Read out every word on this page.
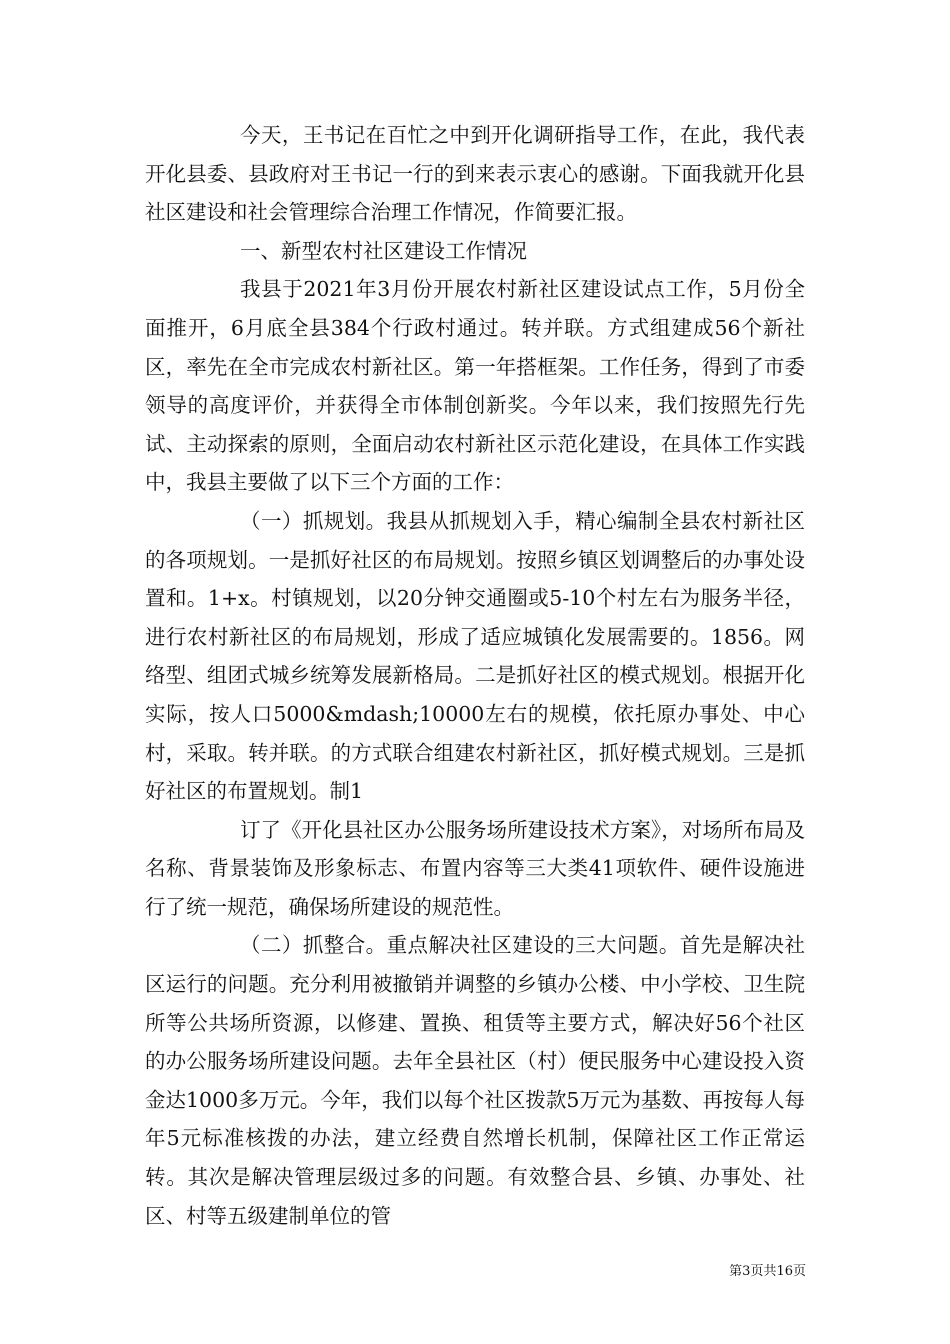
今天，王书记在百忙之中到开化调研指导工作，在此，我代表开化县委、县政府对王书记一行的到来表示衷心的感谢。下面我就开化县社区建设和社会管理综合治理工作情况，作简要汇报。

一、新型农村社区建设工作情况

我县于2021年3月份开展农村新社区建设试点工作，5月份全面推开，6月底全县384个行政村通过。转并联。方式组建成56个新社区，率先在全市完成农村新社区。第一年搭框架。工作任务，得到了市委领导的高度评价，并获得全市体制创新奖。今年以来，我们按照先行先试、主动探索的原则，全面启动农村新社区示范化建设，在具体工作实践中，我县主要做了以下三个方面的工作：

（一）抓规划。我县从抓规划入手，精心编制全县农村新社区的各项规划。一是抓好社区的布局规划。按照乡镇区划调整后的办事处设置和。1+x。村镇规划，以20分钟交通圈或5-10个村左右为服务半径，进行农村新社区的布局规划，形成了适应城镇化发展需要的。1856。网络型、组团式城乡统筹发展新格局。二是抓好社区的模式规划。根据开化实际，按人口5000&mdash;10000左右的规模，依托原办事处、中心村，采取。转并联。的方式联合组建农村新社区，抓好模式规划。三是抓好社区的布置规划。制1

订了《开化县社区办公服务场所建设技术方案》，对场所布局及名称、背景装饰及形象标志、布置内容等三大类41项软件、硬件设施进行了统一规范，确保场所建设的规范性。

（二）抓整合。重点解决社区建设的三大问题。首先是解决社区运行的问题。充分利用被撤销并调整的乡镇办公楼、中小学校、卫生院所等公共场所资源，以修建、置换、租赁等主要方式，解决好56个社区的办公服务场所建设问题。去年全县社区（村）便民服务中心建设投入资金达1000多万元。今年，我们以每个社区拨款5万元为基数、再按每人每年5元标准核拨的办法，建立经费自然增长机制，保障社区工作正常运转。其次是解决管理层级过多的问题。有效整合县、乡镇、办事处、社区、村等五级建制单位的管

第3页共16页
